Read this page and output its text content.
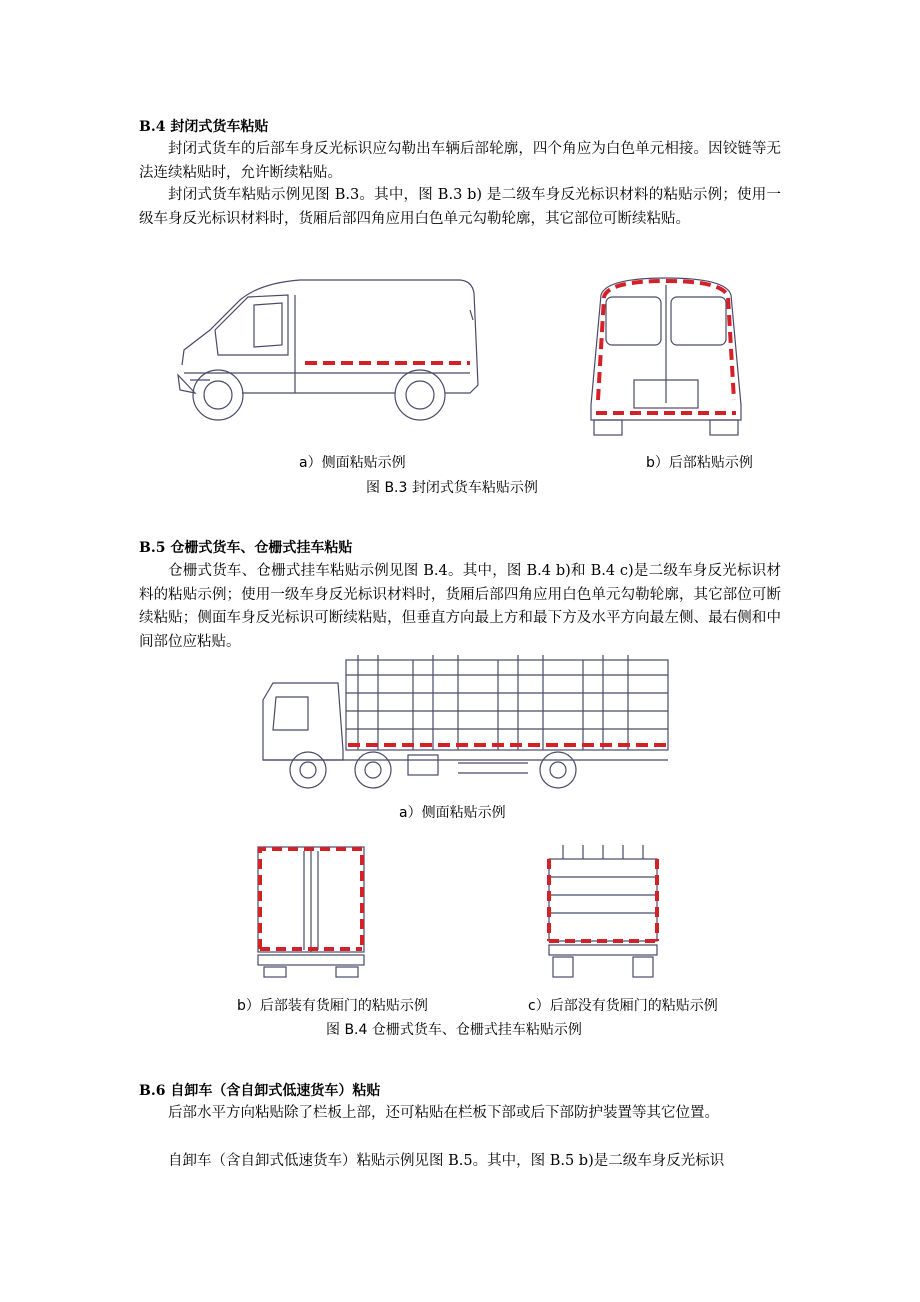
B.4 封闭式货车粘贴
封闭式货车的后部车身反光标识应勾勒出车辆后部轮廓，四个角应为白色单元相接。因铰链等无法连续粘贴时，允许断续粘贴。
封闭式货车粘贴示例见图 B.3。其中，图 B.3 b) 是二级车身反光标识材料的粘贴示例；使用一级车身反光标识材料时，货厢后部四角应用白色单元勾勒轮廓，其它部位可断续粘贴。
a）侧面粘贴示例	b）后部粘贴示例
图 B.3 封闭式货车粘贴示例
B.5 仓栅式货车、仓栅式挂车粘贴
仓栅式货车、仓栅式挂车粘贴示例见图 B.4。其中，图 B.4 b)和 B.4 c)是二级车身反光标识材料的粘贴示例；使用一级车身反光标识材料时，货厢后部四角应用白色单元勾勒轮廓，其它部位可断续粘贴；侧面车身反光标识可断续粘贴，但垂直方向最上方和最下方及水平方向最左侧、最右侧和中间部位应粘贴。
a）侧面粘贴示例
b）后部装有货厢门的粘贴示例	c）后部没有货厢门的粘贴示例
图 B.4 仓栅式货车、仓栅式挂车粘贴示例
B.6 自卸车（含自卸式低速货车）粘贴
后部水平方向粘贴除了栏板上部，还可粘贴在栏板下部或后下部防护装置等其它位置。
自卸车（含自卸式低速货车）粘贴示例见图 B.5。其中，图 B.5 b)是二级车身反光标识
